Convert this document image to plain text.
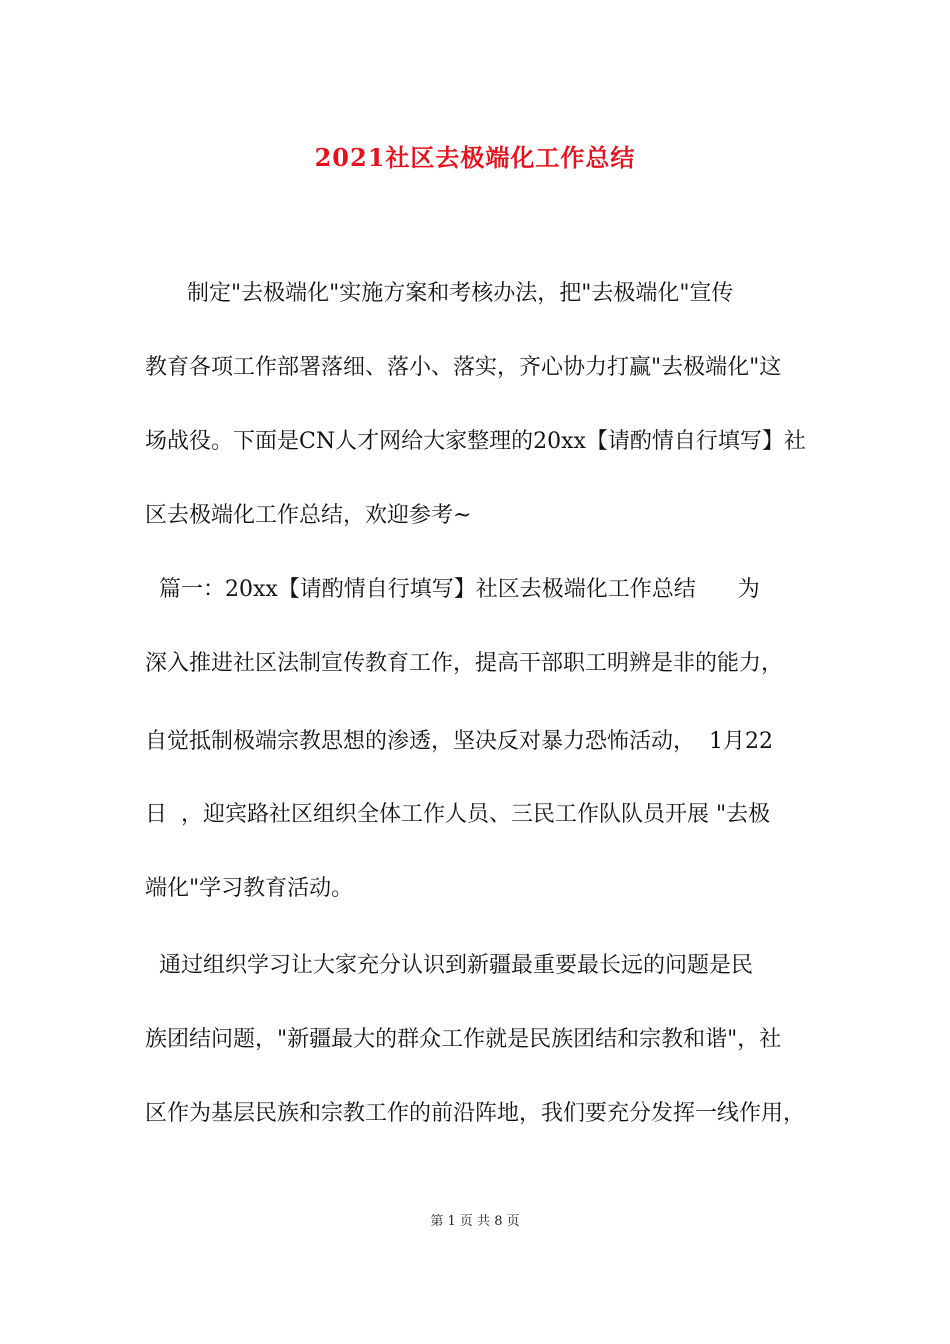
2021社区去极端化工作总结
制定"去极端化"实施方案和考核办法，把"去极端化"宣传
教育各项工作部署落细、落小、落实，齐心协力打赢"去极端化"这
场战役。下面是CN人才网给大家整理的20xx【请酌情自行填写】社
区去极端化工作总结，欢迎参考~
篇一：20xx【请酌情自行填写】社区去极端化工作总结      为
深入推进社区法制宣传教育工作，提高干部职工明辨是非的能力，
自觉抵制极端宗教思想的渗透，坚决反对暴力恐怖活动，  1月22
日  ，迎宾路社区组织全体工作人员、三民工作队队员开展 "去极
端化"学习教育活动。
通过组织学习让大家充分认识到新疆最重要最长远的问题是民
族团结问题，"新疆最大的群众工作就是民族团结和宗教和谐"，社
区作为基层民族和宗教工作的前沿阵地，我们要充分发挥一线作用，
第 1 页 共 8 页
